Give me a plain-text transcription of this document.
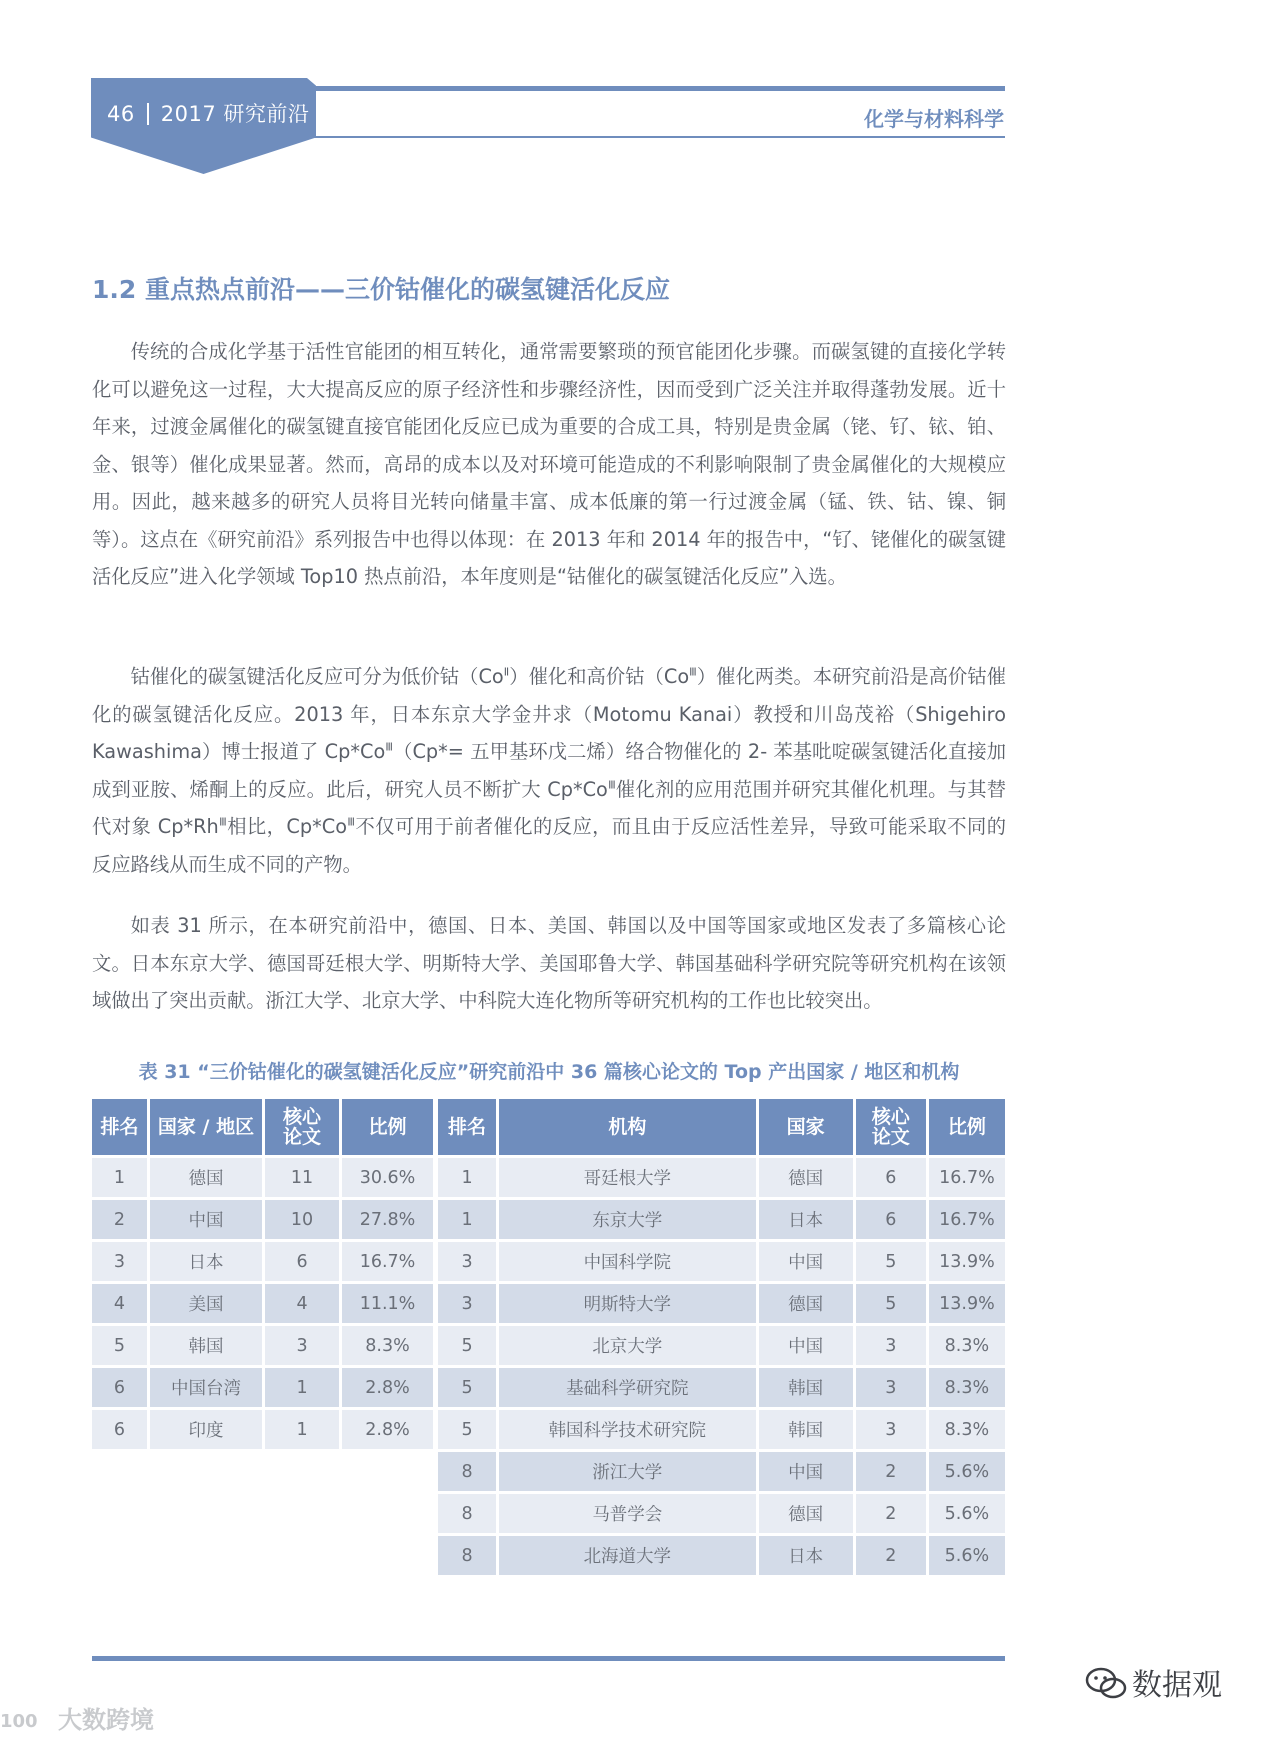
46 2017 研究前沿	化学与材料科学
1.2 重点热点前沿——三价钴催化的碳氢键活化反应

传统的合成化学基于活性官能团的相互转化，通常需要繁琐的预官能团化步骤。而碳氢键的直接化学转化可以避免这一过程，大大提高反应的原子经济性和步骤经济性，因而受到广泛关注并取得蓬勃发展。近十年来，过渡金属催化的碳氢键直接官能团化反应已成为重要的合成工具，特别是贵金属（铑、钌、铱、铂、金、银等）催化成果显著。然而，高昂的成本以及对环境可能造成的不利影响限制了贵金属催化的大规模应用。因此，越来越多的研究人员将目光转向储量丰富、成本低廉的第一行过渡金属（锰、铁、钴、镍、铜等）。这点在《研究前沿》系列报告中也得以体现：在 2013 年和 2014 年的报告中，“钌、铑催化的碳氢键活化反应”进入化学领域 Top10 热点前沿，本年度则是“钴催化的碳氢键活化反应”入选。

钴催化的碳氢键活化反应可分为低价钴$(Co^Ⅱ)$催化和高价钴$(Co^Ⅲ)$催化两类。本研究前沿是高价钴催化的碳氢键活化反应。2013 年，日本东京大学金井求（Motomu Kanai）教授和川岛茂裕（Shigehiro Kawashima）博士报道了 $Cp*Co^Ⅲ(Cp*=$ 五甲基环戊二烯）络合物催化的 2- 苯基吡啶碳氢键活化直接加成到亚胺、烯酮上的反应。此后，研究人员不断扩大 $Cp*Co^Ⅲ$催化剂的应用范围并研究其催化机理。与其替代对象 $Cp*Rh^Ⅲ$相比，$Cp*Co^Ⅲ$不仅可用于前者催化的反应，而且由于反应活性差异，导致可能采取不同的反应路线从而生成不同的产物。

如表 31 所示，在本研究前沿中，德国、日本、美国、韩国以及中国等国家或地区发表了多篇核心论文。日本东京大学、德国哥廷根大学、明斯特大学、美国耶鲁大学、韩国基础科学研究院等研究机构在该领域做出了突出贡献。浙江大学、北京大学、中科院大连化物所等研究机构的工作也比较突出。

表 31 “三价钴催化的碳氢键活化反应”研究前沿中 36 篇核心论文的 Top 产出国家 / 地区和机构
排名	国家 / 地区	核心
论文	比例
1	德国	11	30.6%
2	中国	10	27.8%
3	日本	6	16.7%
4	美国	4	11.1%
5	韩国	3	8.3%
6	中国台湾	1	2.8%
6	印度	1	2.8%
排名	机构	国家	核心
论文	比例
1	哥廷根大学	德国	6	16.7%
1	东京大学	日本	6	16.7%
3	中国科学院	中国	5	13.9%
3	明斯特大学	德国	5	13.9%
5	北京大学	中国	3	8.3%
5	基础科学研究院	韩国	3	8.3%
5	韩国科学技术研究院	韩国	3	8.3%
8	浙江大学	中国	2	5.6%
8	马普学会	德国	2	5.6%
8	北海道大学	日本	2	5.6%
数据观
100 大数跨境
